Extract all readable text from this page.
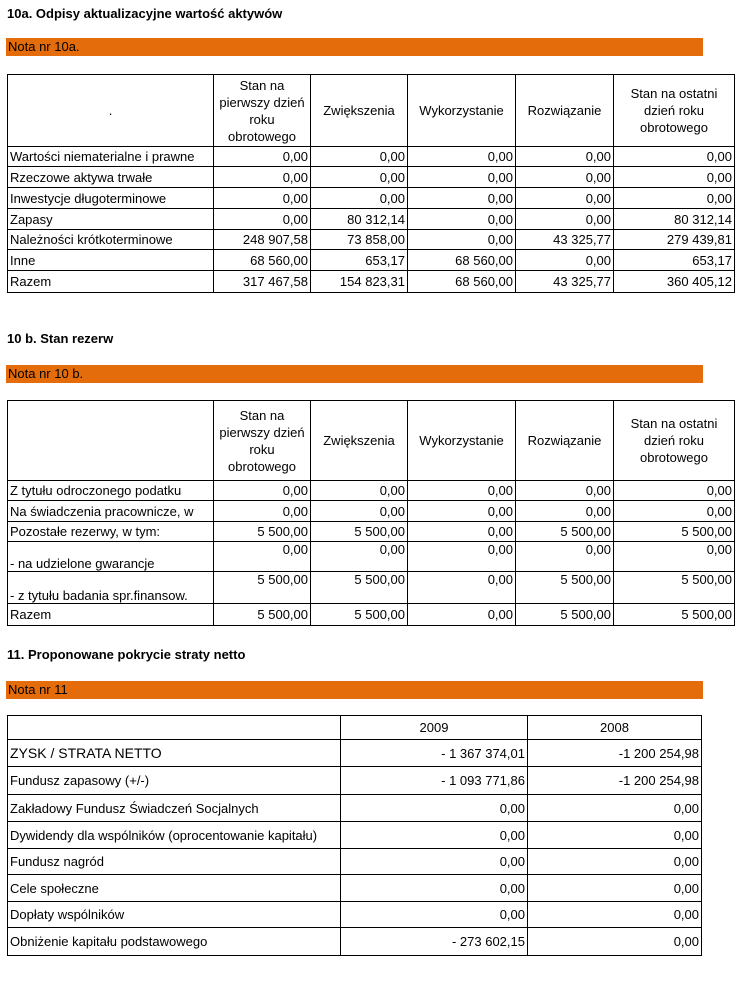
10a. Odpisy aktualizacyjne wartość aktywów
Nota nr 10a.
.	Stan na pierwszy dzień roku obrotowego	Zwiększenia	Wykorzystanie	Rozwiązanie	Stan na ostatni dzień roku obrotowego
Wartości niematerialne i prawne	0,00	0,00	0,00	0,00	0,00
Rzeczowe aktywa trwałe	0,00	0,00	0,00	0,00	0,00
Inwestycje długoterminowe	0,00	0,00	0,00	0,00	0,00
Zapasy	0,00	80 312,14	0,00	0,00	80 312,14
Należności krótkoterminowe	248 907,58	73 858,00	0,00	43 325,77	279 439,81
Inne	68 560,00	653,17	68 560,00	0,00	653,17
Razem	317 467,58	154 823,31	68 560,00	43 325,77	360 405,12
10 b. Stan rezerw
Nota nr 10 b.
	Stan na pierwszy dzień roku obrotowego	Zwiększenia	Wykorzystanie	Rozwiązanie	Stan na ostatni dzień roku obrotowego
Z tytułu odroczonego podatku	0,00	0,00	0,00	0,00	0,00
Na świadczenia pracownicze, w	0,00	0,00	0,00	0,00	0,00
Pozostałe rezerwy, w tym:	5 500,00	5 500,00	0,00	5 500,00	5 500,00
- na udzielone gwarancje	0,00	0,00	0,00	0,00	0,00
- z tytułu badania spr.finansow.	5 500,00	5 500,00	0,00	5 500,00	5 500,00
Razem	5 500,00	5 500,00	0,00	5 500,00	5 500,00
11. Proponowane pokrycie straty netto
Nota nr 11
	2009	2008
ZYSK / STRATA NETTO	- 1 367 374,01	-1 200 254,98
Fundusz zapasowy (+/-)	- 1 093 771,86	-1 200 254,98
Zakładowy Fundusz Świadczeń Socjalnych	0,00	0,00
Dywidendy dla wspólników (oprocentowanie kapitału)	0,00	0,00
Fundusz nagród	0,00	0,00
Cele społeczne	0,00	0,00
Dopłaty wspólników	0,00	0,00
Obniżenie kapitału podstawowego	- 273 602,15	0,00
